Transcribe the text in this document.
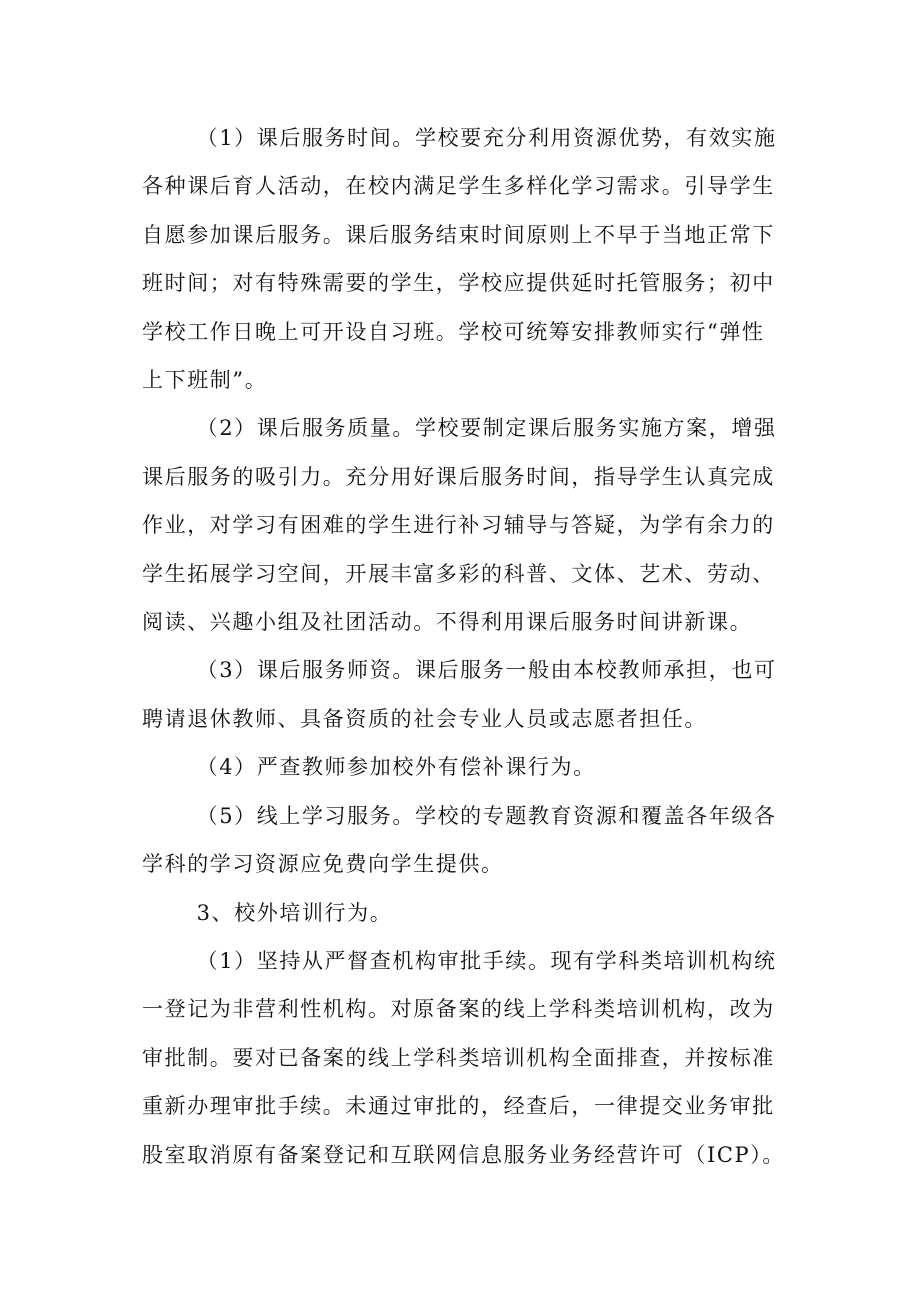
（1）课后服务时间。学校要充分利用资源优势，有效实施
各种课后育人活动，在校内满足学生多样化学习需求。引导学生
自愿参加课后服务。课后服务结束时间原则上不早于当地正常下
班时间；对有特殊需要的学生，学校应提供延时托管服务；初中
学校工作日晚上可开设自习班。学校可统筹安排教师实行“弹性
上下班制”。

（2）课后服务质量。学校要制定课后服务实施方案，增强
课后服务的吸引力。充分用好课后服务时间，指导学生认真完成
作业，对学习有困难的学生进行补习辅导与答疑，为学有余力的
学生拓展学习空间，开展丰富多彩的科普、文体、艺术、劳动、
阅读、兴趣小组及社团活动。不得利用课后服务时间讲新课。

（3）课后服务师资。课后服务一般由本校教师承担，也可
聘请退休教师、具备资质的社会专业人员或志愿者担任。

（4）严查教师参加校外有偿补课行为。

（5）线上学习服务。学校的专题教育资源和覆盖各年级各
学科的学习资源应免费向学生提供。

3、校外培训行为。

（1）坚持从严督查机构审批手续。现有学科类培训机构统
一登记为非营利性机构。对原备案的线上学科类培训机构，改为
审批制。要对已备案的线上学科类培训机构全面排查，并按标准
重新办理审批手续。未通过审批的，经查后，一律提交业务审批
股室取消原有备案登记和互联网信息服务业务经营许可（ICP）。
